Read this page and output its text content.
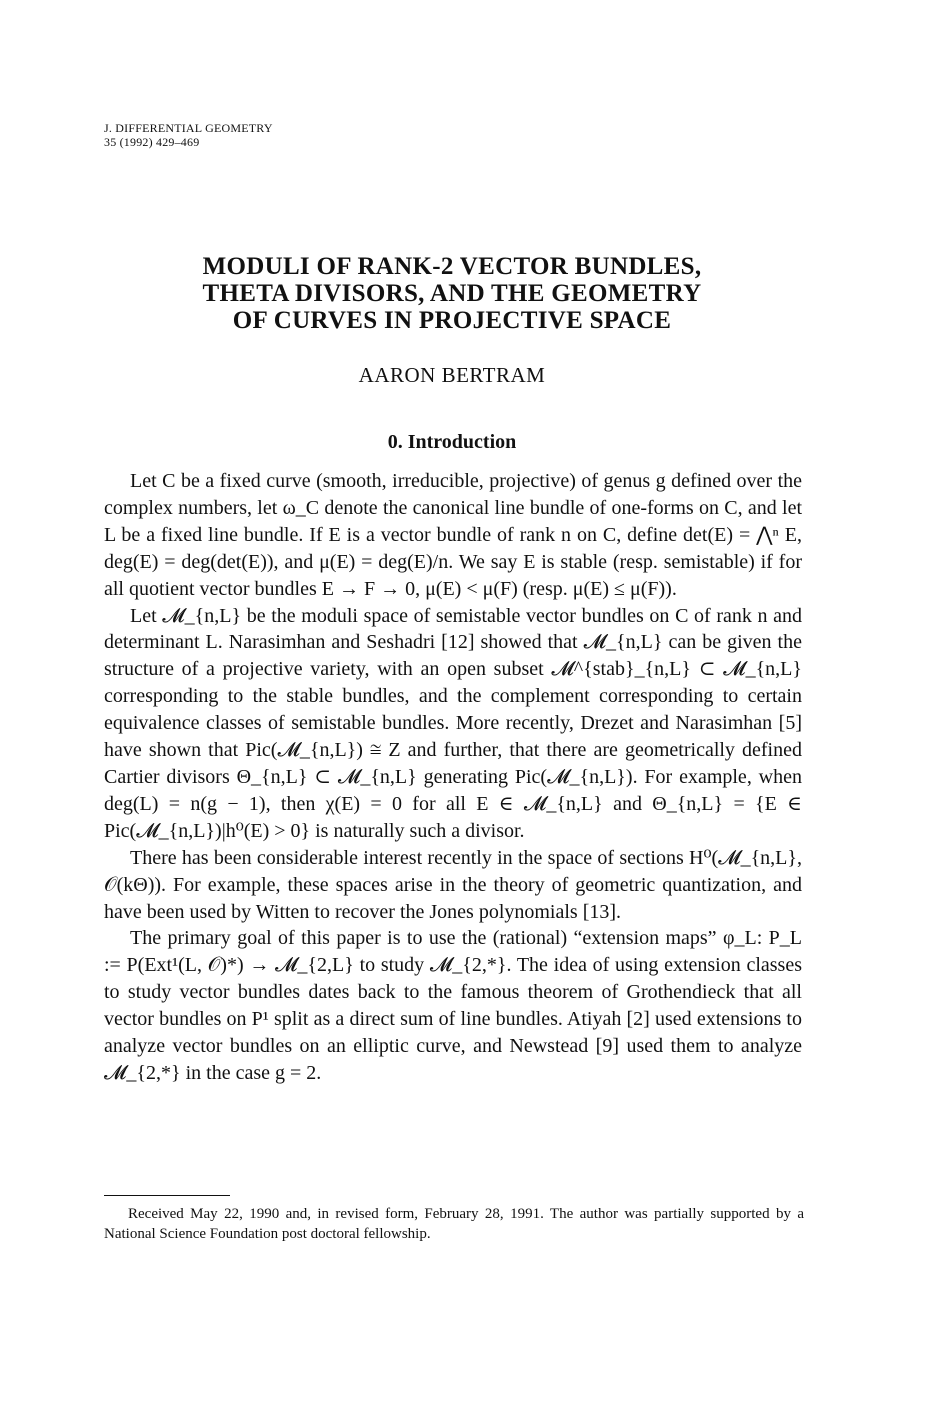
J. DIFFERENTIAL GEOMETRY
35 (1992) 429–469
MODULI OF RANK-2 VECTOR BUNDLES,
THETA DIVISORS, AND THE GEOMETRY
OF CURVES IN PROJECTIVE SPACE
AARON BERTRAM
0. Introduction

Let C be a fixed curve (smooth, irreducible, projective) of genus g defined over the complex numbers, let ω_C denote the canonical line bundle of one-forms on C, and let L be a fixed line bundle. If E is a vector bundle of rank n on C, define det(E) = ⋀ⁿ E, deg(E) = deg(det(E)), and μ(E) = deg(E)/n. We say E is stable (resp. semistable) if for all quotient vector bundles E → F → 0, μ(E) < μ(F) (resp. μ(E) ≤ μ(F)).

Let 𝓜_{n,L} be the moduli space of semistable vector bundles on C of rank n and determinant L. Narasimhan and Seshadri [12] showed that 𝓜_{n,L} can be given the structure of a projective variety, with an open subset 𝓜^{stab}_{n,L} ⊂ 𝓜_{n,L} corresponding to the stable bundles, and the complement corresponding to certain equivalence classes of semistable bundles. More recently, Drezet and Narasimhan [5] have shown that Pic(𝓜_{n,L}) ≅ Z and further, that there are geometrically defined Cartier divisors Θ_{n,L} ⊂ 𝓜_{n,L} generating Pic(𝓜_{n,L}). For example, when deg(L) = n(g − 1), then χ(E) = 0 for all E ∈ 𝓜_{n,L} and Θ_{n,L} = {E ∈ Pic(𝓜_{n,L})|h⁰(E) > 0} is naturally such a divisor.

There has been considerable interest recently in the space of sections H⁰(𝓜_{n,L}, 𝒪(kΘ)). For example, these spaces arise in the theory of geometric quantization, and have been used by Witten to recover the Jones polynomials [13].

The primary goal of this paper is to use the (rational) “extension maps” φ_L: P_L := P(Ext¹(L, 𝒪)*) → 𝓜_{2,L} to study 𝓜_{2,*}. The idea of using extension classes to study vector bundles dates back to the famous theorem of Grothendieck that all vector bundles on P¹ split as a direct sum of line bundles. Atiyah [2] used extensions to analyze vector bundles on an elliptic curve, and Newstead [9] used them to analyze 𝓜_{2,*} in the case g = 2.

Received May 22, 1990 and, in revised form, February 28, 1991. The author was partially supported by a National Science Foundation post doctoral fellowship.
